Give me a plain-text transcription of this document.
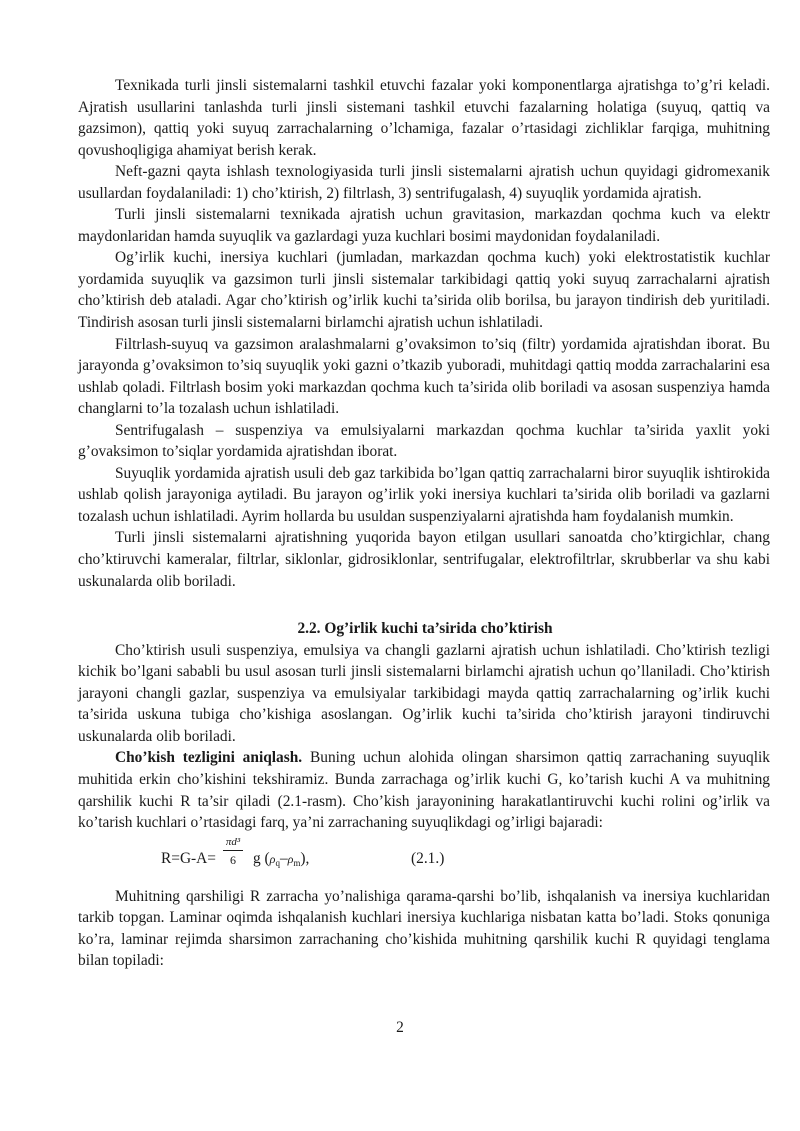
Texnikada turli jinsli sistemalarni tashkil etuvchi fazalar yoki komponentlarga ajratishga to’g’ri keladi. Ajratish usullarini tanlashda turli jinsli sistemani tashkil etuvchi fazalarning holatiga (suyuq, qattiq va gazsimon), qattiq yoki suyuq zarrachalarning o’lchamiga, fazalar o’rtasidagi zichliklar farqiga, muhitning qovushoqligiga ahamiyat berish kerak.

Neft-gazni qayta ishlash texnologiyasida turli jinsli sistemalarni ajratish uchun quyidagi gidromexanik usullardan foydalaniladi: 1) cho’ktirish, 2) filtrlash, 3) sentrifugalash, 4) suyuqlik yordamida ajratish.

Turli jinsli sistemalarni texnikada ajratish uchun gravitasion, markazdan qochma kuch va elektr maydonlaridan hamda suyuqlik va gazlardagi yuza kuchlari bosimi maydonidan foydalaniladi.

Og’irlik kuchi, inersiya kuchlari (jumladan, markazdan qochma kuch) yoki elektrostatistik kuchlar yordamida suyuqlik va gazsimon turli jinsli sistemalar tarkibidagi qattiq yoki suyuq zarrachalarni ajratish cho’ktirish deb ataladi. Agar cho’ktirish og’irlik kuchi ta’sirida olib borilsa, bu jarayon tindirish deb yuritiladi. Tindirish asosan turli jinsli sistemalarni birlamchi ajratish uchun ishlatiladi.

Filtrlash-suyuq va gazsimon aralashmalarni g’ovaksimon to’siq (filtr) yordamida ajratishdan iborat. Bu jarayonda g’ovaksimon to’siq suyuqlik yoki gazni o’tkazib yuboradi, muhitdagi qattiq modda zarrachalarini esa ushlab qoladi. Filtrlash bosim yoki markazdan qochma kuch ta’sirida olib boriladi va asosan suspenziya hamda changlarni to’la tozalash uchun ishlatiladi.

Sentrifugalash – suspenziya va emulsiyalarni markazdan qochma kuchlar ta’sirida yaxlit yoki g’ovaksimon to’siqlar yordamida ajratishdan iborat.

Suyuqlik yordamida ajratish usuli deb gaz tarkibida bo’lgan qattiq zarrachalarni biror suyuqlik ishtirokida ushlab qolish jarayoniga aytiladi. Bu jarayon og’irlik yoki inersiya kuchlari ta’sirida olib boriladi va gazlarni tozalash uchun ishlatiladi. Ayrim hollarda bu usuldan suspenziyalarni ajratishda ham foydalanish mumkin.

Turli jinsli sistemalarni ajratishning yuqorida bayon etilgan usullari sanoatda cho’ktirgichlar, chang cho’ktiruvchi kameralar, filtrlar, siklonlar, gidrosiklonlar, sentrifugalar, elektrofiltrlar, skrubberlar va shu kabi uskunalarda olib boriladi.

2.2. Og’irlik kuchi ta’sirida cho’ktirish

Cho’ktirish usuli suspenziya, emulsiya va changli gazlarni ajratish uchun ishlatiladi. Cho’ktirish tezligi kichik bo’lgani sababli bu usul asosan turli jinsli sistemalarni birlamchi ajratish uchun qo’llaniladi. Cho’ktirish jarayoni changli gazlar, suspenziya va emulsiyalar tarkibidagi mayda qattiq zarrachalarning og’irlik kuchi ta’sirida uskuna tubiga cho’kishiga asoslangan. Og’irlik kuchi ta’sirida cho’ktirish jarayoni tindiruvchi uskunalarda olib boriladi.

Cho’kish tezligini aniqlash. Buning uchun alohida olingan sharsimon qattiq zarrachaning suyuqlik muhitida erkin cho’kishini tekshiramiz. Bunda zarrachaga og’irlik kuchi G, ko’tarish kuchi A va muhitning qarshilik kuchi R ta’sir qiladi (2.1-rasm). Cho’kish jarayonining harakatlantiruvchi kuchi rolini og’irlik va ko’tarish kuchlari o’rtasidagi farq, ya’ni zarrachaning suyuqlikdagi og’irligi bajaradi:

$R=G-A= \frac{\text{πd³}}{6}$ g $(\rho_q-\rho_m)$,	(2.1.)

Muhitning qarshiligi R zarracha yo’nalishiga qarama-qarshi bo’lib, ishqalanish va inersiya kuchlaridan tarkib topgan. Laminar oqimda ishqalanish kuchlari inersiya kuchlariga nisbatan katta bo’ladi. Stoks qonuniga ko’ra, laminar rejimda sharsimon zarrachaning cho’kishida muhitning qarshilik kuchi R quyidagi tenglama bilan topiladi:

2
